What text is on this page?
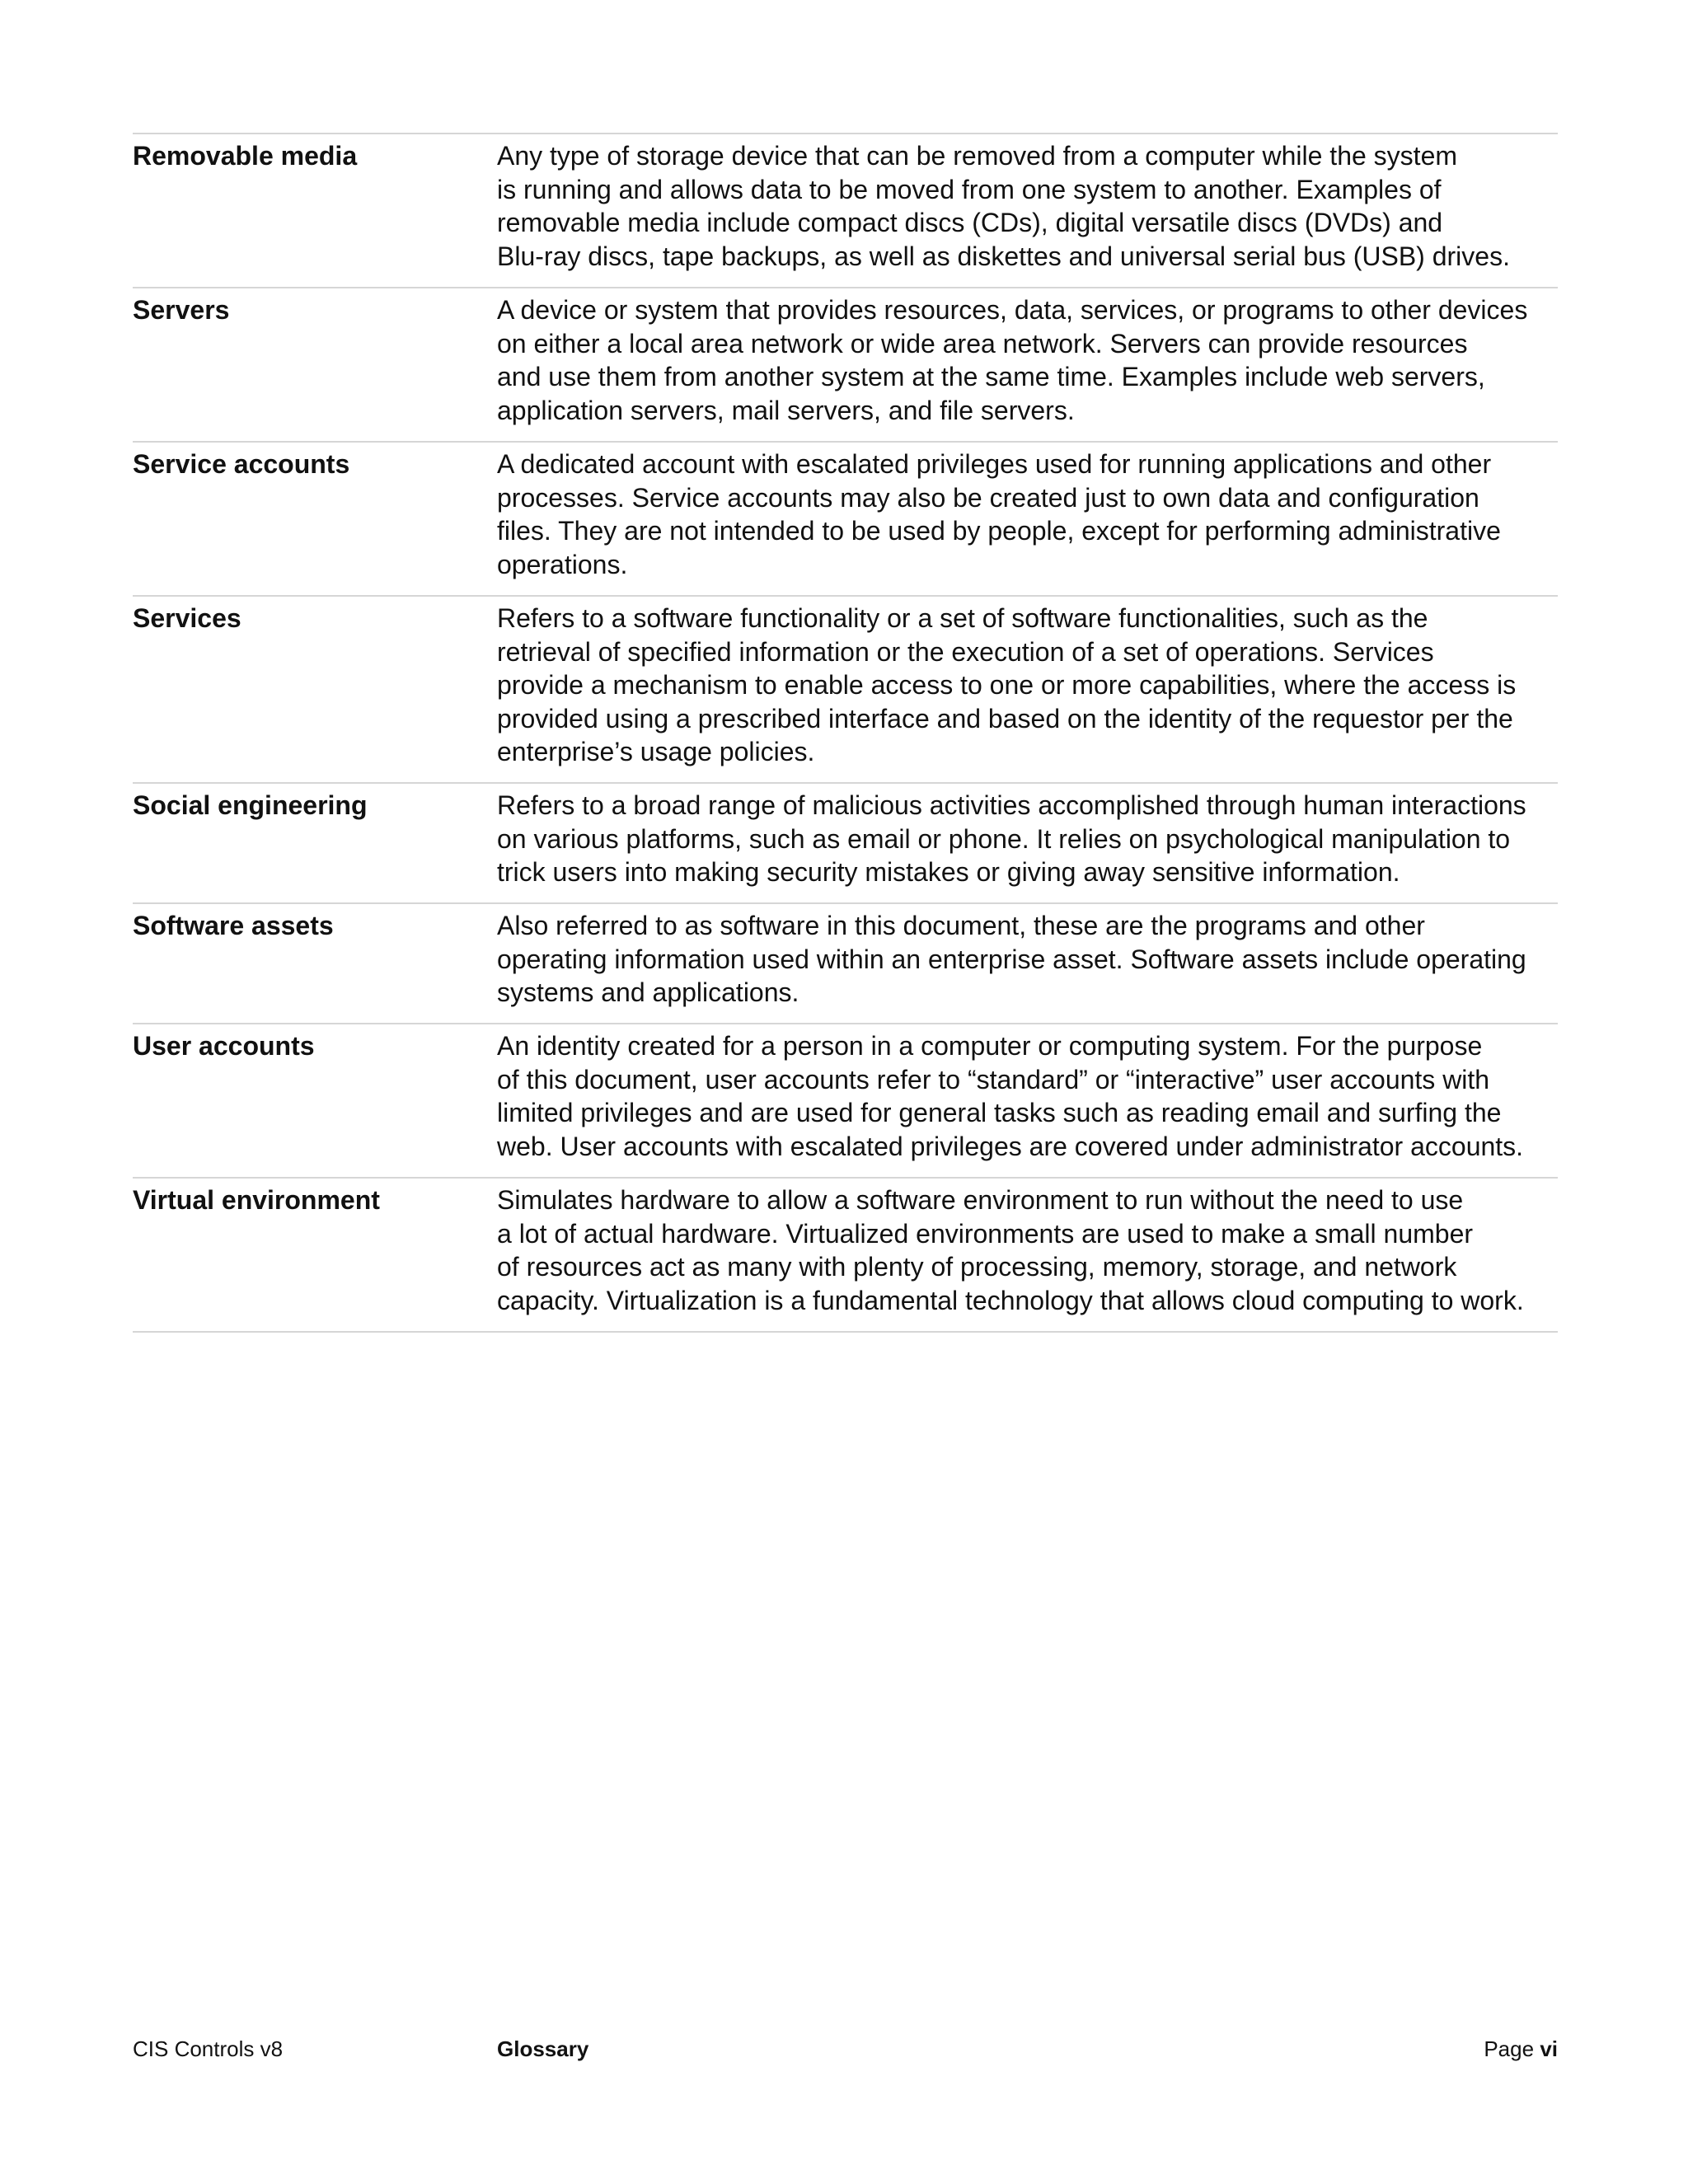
Removable media	Any type of storage device that can be removed from a computer while the system
is running and allows data to be moved from one system to another. Examples of
removable media include compact discs (CDs), digital versatile discs (DVDs) and
Blu-ray discs, tape backups, as well as diskettes and universal serial bus (USB) drives.

Servers	A device or system that provides resources, data, services, or programs to other devices
on either a local area network or wide area network. Servers can provide resources
and use them from another system at the same time. Examples include web servers,
application servers, mail servers, and file servers.

Service accounts	A dedicated account with escalated privileges used for running applications and other
processes. Service accounts may also be created just to own data and configuration
files. They are not intended to be used by people, except for performing administrative
operations.

Services	Refers to a software functionality or a set of software functionalities, such as the
retrieval of specified information or the execution of a set of operations. Services
provide a mechanism to enable access to one or more capabilities, where the access is
provided using a prescribed interface and based on the identity of the requestor per the
enterprise’s usage policies.

Social engineering	Refers to a broad range of malicious activities accomplished through human interactions
on various platforms, such as email or phone. It relies on psychological manipulation to
trick users into making security mistakes or giving away sensitive information.

Software assets	Also referred to as software in this document, these are the programs and other
operating information used within an enterprise asset. Software assets include operating
systems and applications.

User accounts	An identity created for a person in a computer or computing system. For the purpose
of this document, user accounts refer to “standard” or “interactive” user accounts with
limited privileges and are used for general tasks such as reading email and surfing the
web. User accounts with escalated privileges are covered under administrator accounts.

Virtual environment	Simulates hardware to allow a software environment to run without the need to use
a lot of actual hardware. Virtualized environments are used to make a small number
of resources act as many with plenty of processing, memory, storage, and network
capacity. Virtualization is a fundamental technology that allows cloud computing to work.

CIS Controls v8	Glossary	Page vi
